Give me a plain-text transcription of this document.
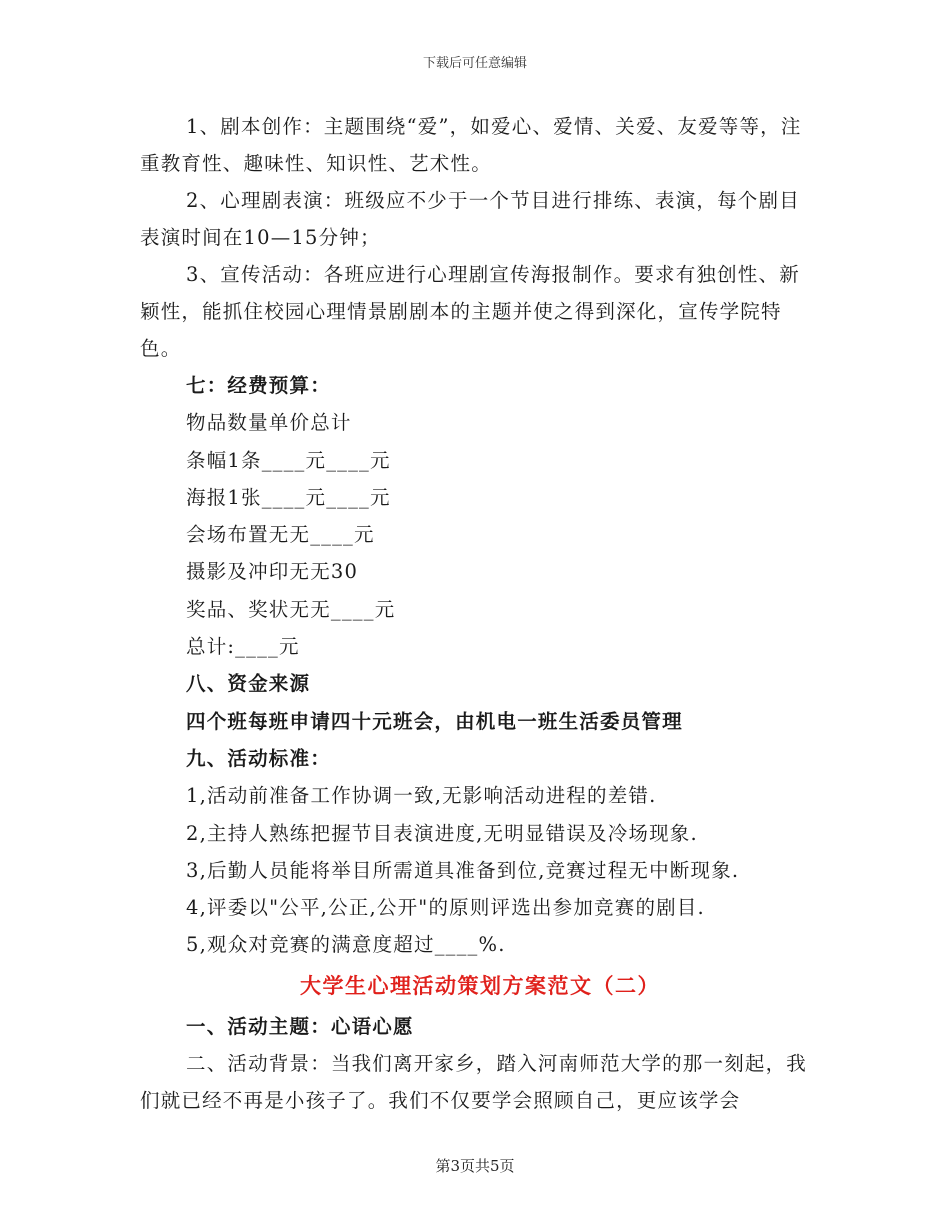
下载后可任意编辑

1、剧本创作：主题围绕“爱”，如爱心、爱情、关爱、友爱等等，注重教育性、趣味性、知识性、艺术性。

2、心理剧表演：班级应不少于一个节目进行排练、表演，每个剧目表演时间在10—15分钟；

3、宣传活动：各班应进行心理剧宣传海报制作。要求有独创性、新颖性，能抓住校园心理情景剧剧本的主题并使之得到深化，宣传学院特色。

七：经费预算：

物品数量单价总计

条幅1条____元____元

海报1张____元____元

会场布置无无____元

摄影及冲印无无30

奖品、奖状无无____元

总计:____元

八、资金来源

四个班每班申请四十元班会，由机电一班生活委员管理

九、活动标准：

1,活动前准备工作协调一致,无影响活动进程的差错.

2,主持人熟练把握节目表演进度,无明显错误及冷场现象.

3,后勤人员能将举目所需道具准备到位,竞赛过程无中断现象.

4,评委以"公平,公正,公开"的原则评选出参加竞赛的剧目.

5,观众对竞赛的满意度超过____%.

大学生心理活动策划方案范文（二）

一、活动主题：心语心愿

二、活动背景：当我们离开家乡，踏入河南师范大学的那一刻起，我们就已经不再是小孩子了。我们不仅要学会照顾自己，更应该学会

第3页共5页
